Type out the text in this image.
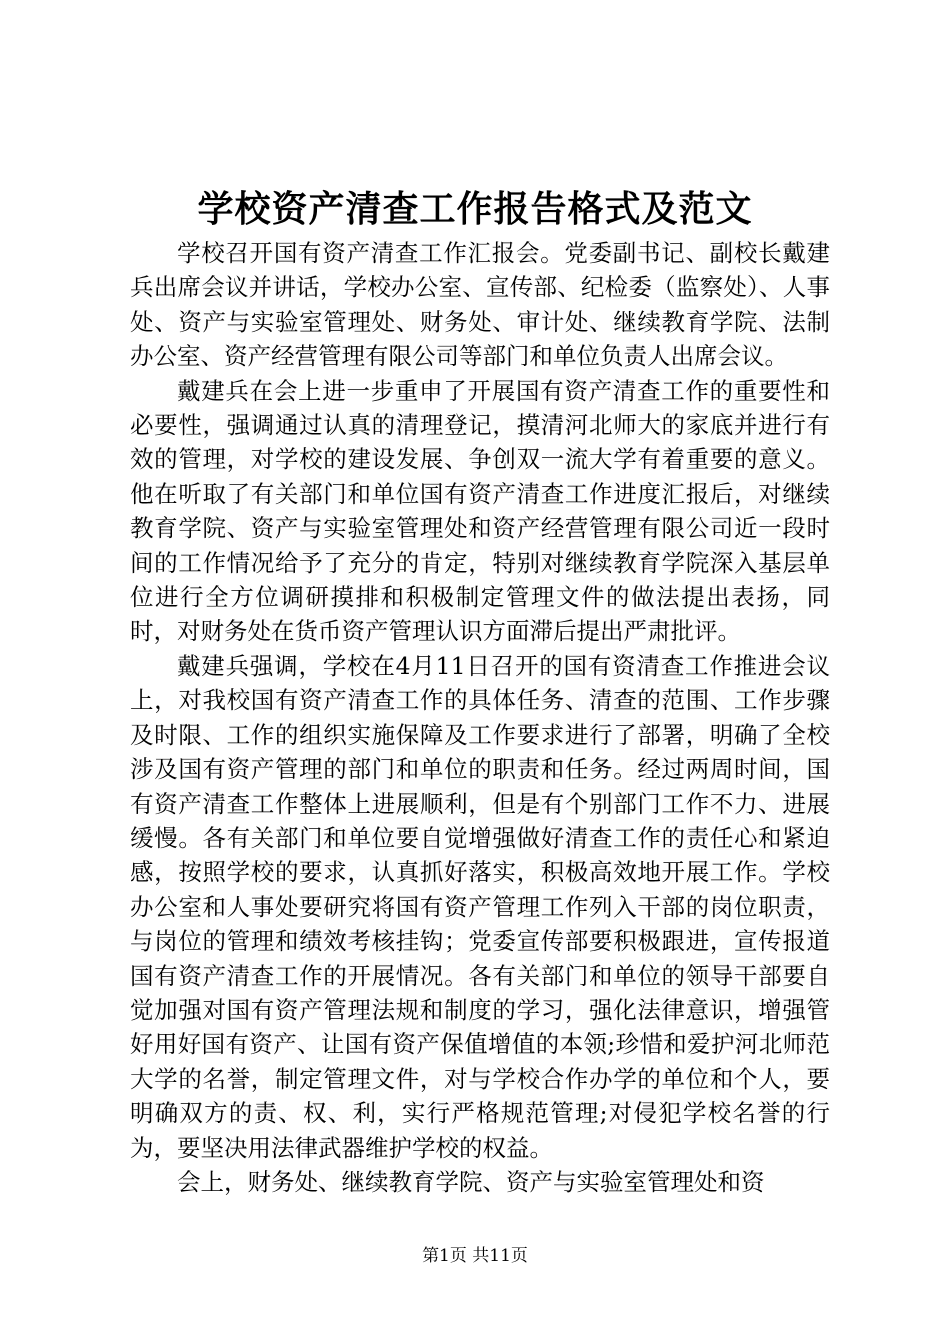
学校资产清查工作报告格式及范文

学校召开国有资产清查工作汇报会。党委副书记、副校长戴建兵出席会议并讲话，学校办公室、宣传部、纪检委（监察处）、人事处、资产与实验室管理处、财务处、审计处、继续教育学院、法制办公室、资产经营管理有限公司等部门和单位负责人出席会议。

戴建兵在会上进一步重申了开展国有资产清查工作的重要性和必要性，强调通过认真的清理登记，摸清河北师大的家底并进行有效的管理，对学校的建设发展、争创双一流大学有着重要的意义。他在听取了有关部门和单位国有资产清查工作进度汇报后，对继续教育学院、资产与实验室管理处和资产经营管理有限公司近一段时间的工作情况给予了充分的肯定，特别对继续教育学院深入基层单位进行全方位调研摸排和积极制定管理文件的做法提出表扬，同时，对财务处在货币资产管理认识方面滞后提出严肃批评。

戴建兵强调，学校在4月11日召开的国有资清查工作推进会议上，对我校国有资产清查工作的具体任务、清查的范围、工作步骤及时限、工作的组织实施保障及工作要求进行了部署，明确了全校涉及国有资产管理的部门和单位的职责和任务。经过两周时间，国有资产清查工作整体上进展顺利，但是有个别部门工作不力、进展缓慢。各有关部门和单位要自觉增强做好清查工作的责任心和紧迫感，按照学校的要求，认真抓好落实，积极高效地开展工作。学校办公室和人事处要研究将国有资产管理工作列入干部的岗位职责，与岗位的管理和绩效考核挂钩；党委宣传部要积极跟进，宣传报道国有资产清查工作的开展情况。各有关部门和单位的领导干部要自觉加强对国有资产管理法规和制度的学习，强化法律意识，增强管好用好国有资产、让国有资产保值增值的本领;珍惜和爱护河北师范大学的名誉，制定管理文件，对与学校合作办学的单位和个人，要明确双方的责、权、利，实行严格规范管理;对侵犯学校名誉的行为，要坚决用法律武器维护学校的权益。

会上，财务处、继续教育学院、资产与实验室管理处和资

第1页 共11页
